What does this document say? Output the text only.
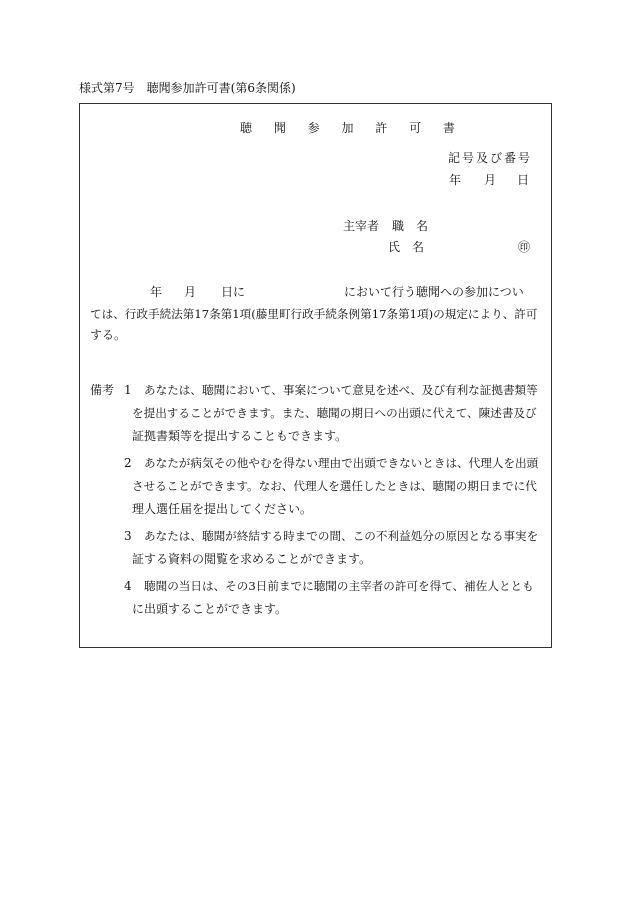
様式第7号　聴聞参加許可書(第6条関係)
聴 聞 参 加 許 可 書
記号及び番号
年 月 日
主宰者 職　名
氏　名	㊞
年 月 日に	において行う聴聞への参加につい
ては、行政手続法第17条第1項(藤里町行政手続条例第17条第1項)の規定により、許可
する。
備考 1 あなたは、聴聞において、事案について意見を述べ、及び有利な証拠書類等
を提出することができます。また、聴聞の期日への出頭に代えて、陳述書及び
証拠書類等を提出することもできます。
2 あなたが病気その他やむを得ない理由で出頭できないときは、代理人を出頭
させることができます。なお、代理人を選任したときは、聴聞の期日までに代
理人選任届を提出してください。
3 あなたは、聴聞が終結する時までの間、この不利益処分の原因となる事実を
証する資料の閲覧を求めることができます。
4 聴聞の当日は、その3日前までに聴聞の主宰者の許可を得て、補佐人ととも
に出頭することができます。
